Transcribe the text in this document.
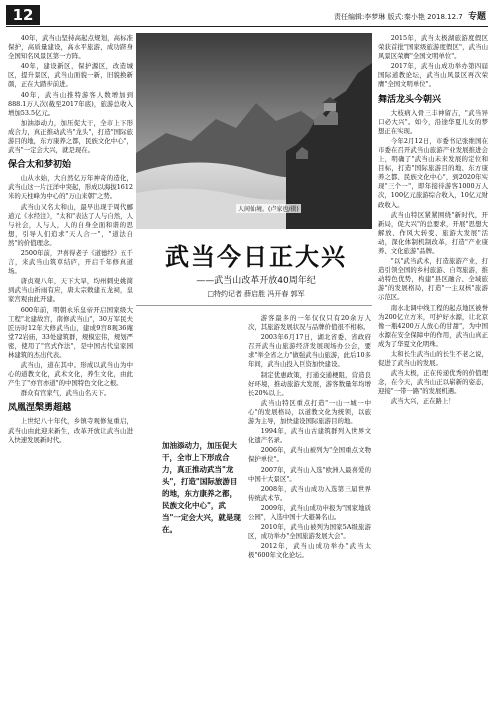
12	责任编辑:李梦琳 版式:秦小艳 2018.12.7 专题

40年，武当山坚持高起点规划，高标准保护，高质量建设，高水平旅游，成功跻身全国知名风景区第一方阵。

40年，建设新区，保护源区，改造城区，提升景区，武当山面貌一新，旧貌换新颜，正在大踏步前进。

40年，武当山推特游客人数增加到888.1万人次(截至2017年底)，旅游总收入增加53.5亿元。

加油添动力，加压促大干，全市上下形成合力，真正推动武当"龙头"，打造"国际旅游目的地，东方康养之都，民族文化中心"，武当"一定会大兴，就是现在。

保合太和梦初始

山从水始，大自然亿万年神奇的造化，武当山这一片汪洋中突起，形成以海拔1612米的天柱峰为中心的"万山来朝"之势。

武当山又名太和山，最早出现于周代郦道元《水经注》，"太和"表达了人与自然，人与社会，人与人，人的自身全面和谐的思想，引导人们追求"天人合一"，"道法自然"的价值理念。

2500年前，尹喜得老子《道德经》五千言，来武当山筑草结庐，开启千年修真道场。

唐贞观八年，天下大旱，均州刺史姚简到武当山祈雨有应，唐太宗敕建五龙祠，皇家宫观由此开建。

600年前，明朝永乐皇帝开启国家级大工程"北建故宫，南修武当山"，30万军民夫匠历时12年大修武当山，建成9宫8观36庵堂72岩庙，33处建筑群，规模宏伟，规划严密，使用了"官式作法"，是中国古代皇家园林建筑的杰出代表。

武当山，道在其中。形成以武当山为中心的道教文化，武术文化，养生文化，由此产生了"亦官亦道"的中国特色文化之根。

群众有官家气，武当山名天下。

凤凰涅槃勇超越

上世纪八十年代，乡镇寺观修复重启，武当山由此迎来新生，改革开放让武当山进入快速发展新时代。

人间仙境。(卢家也/摄)
武当今日正大兴
——武当山改革开放40周年纪
□特约记者 薛启胜 冯开春 郭军
加油添动力，加压促大干，全市上下形成合力，真正推动武当"龙头"，打造"国际旅游目的地，东方康养之都，民族文化中心"，武当"一定会大兴，就是现在。

游客最多的一年仅仅只有20余万人次，其旅游发展状况与品牌价值很不相称。

2003年6月17日，湖北省委、省政府召开武当山旅游经济发展现场办公会，要求"举全省之力"做强武当山旅游，此后10多年间，武当山投入巨资加快建设。

制定优惠政策，打通交通梗阻，营造良好环境，推动旅游大发展，游客数量年均增长20%以上。

武当山特区重点打造"一山一城一中心"的发展格局，以道教文化为统领，以旅游为主导，加快建设国际旅游目的地。

1994年，武当山古建筑群列入世界文化遗产名录。

2006年，武当山被列为"全国重点文物保护单位"。

2007年，武当山入选"欧洲人最喜爱的中国十大景区"。

2008年，武当山成功入选第三届世界传统武术节。

2009年，武当山成功申报为"国家地质公园"，入选中国十大避暑名山。

2010年，武当山被列为国家5A级旅游区，成功举办"全国旅游发展大会"。

2012年，武当山成功举办"武当太极"600年文化论坛。

2015年，武当太极湖旅游度假区荣获首批"国家级旅游度假区"，武当山风景区荣膺"全国文明单位"。

2017年，武当山成功举办第四届国际道教论坛，武当山风景区再次荣膺"全国文明单位"。

舞活龙头今朝兴

大枝病入骨三丰神留吉，"武当异口必大兴"。如今，沿途华夏儿女的梦想正在实现。

今年2月12日，市委书记张维国在市委在召开武当山旅游产业发展推进会上，明确了"武当山未来发展的定位和目标，打造"国际旅游目的地、东方康养之都、民族文化中心"，到2020年实现"三个一"，即年接待游客1000万人次，100亿元旅游综合收入，10亿元财政收入。

武当山特区紧紧围绕"新时代，开新局，促大兴"的总要求，开展"思想大解放、作风大转变、旅游大发展"活动，深化体制机制改革，打造"产业康养、文化旅游"品牌。

"以"武当武术，打造旅游产业，打造引领全国的乡村旅游、自驾旅游，推动特色优势，构建"县区融合、全域旅游"的发展格局，打造"一主双核"旅游示范区。

南水北调中线工程的起点地区被誉为200亿立方米，可护好水源，让北京像一瓶4200万人放心的甘甜"，为中国水源在安全保障中的作用，武当山真正成为了华夏文化明珠。

太和长生武当山的长生不老之说，促进了武当山的发展。

武当太极，正在传递优秀的价值理念，在今天，武当山正以崭新的姿态，迎接"一带一路"的发展机遇。

武当大兴，正在路上！
